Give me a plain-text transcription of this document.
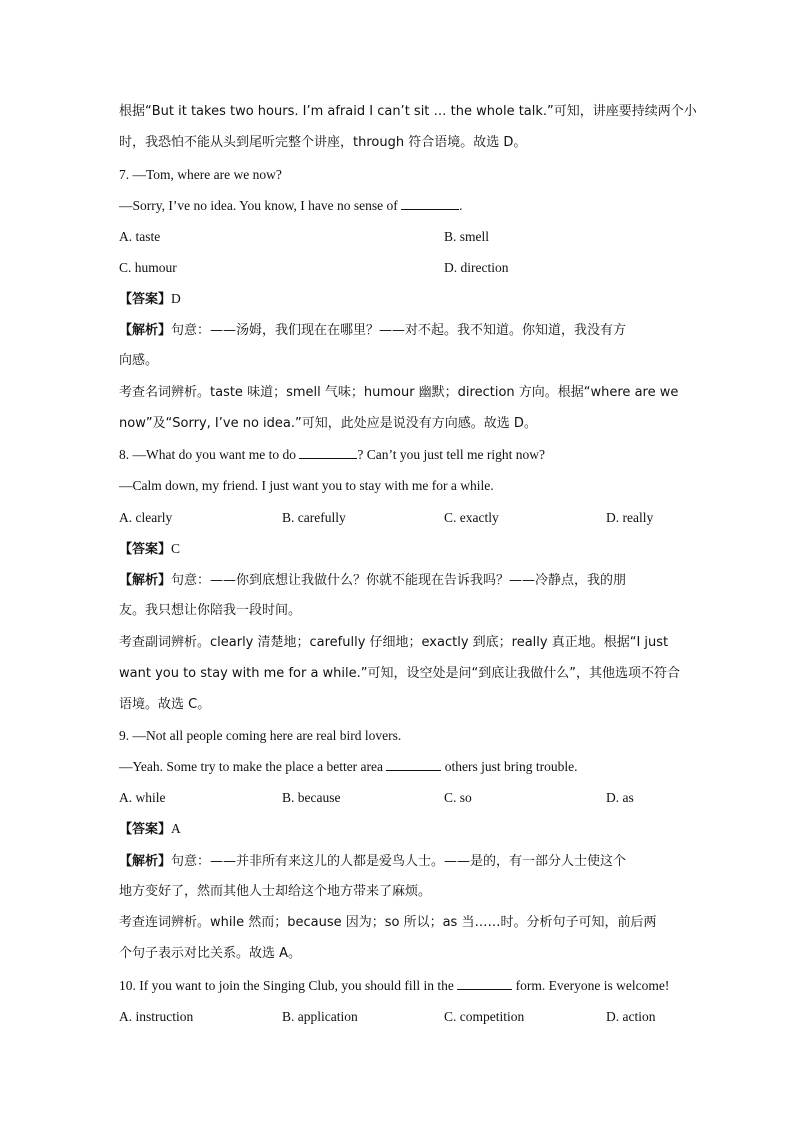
根据“But it takes two hours. I’m afraid I can’t sit … the whole talk.”可知，讲座要持续两个小
时，我恐怕不能从头到尾听完整个讲座，through 符合语境。故选 D。
7. —Tom, where are we now?
—Sorry, I’ve no idea. You know, I have no sense of	.
A. taste	B. smell
C. humour	D. direction
【答案】D
【解析】句意：——汤姆，我们现在在哪里？——对不起。我不知道。你知道，我没有方
向感。
考查名词辨析。taste 味道；smell 气味；humour 幽默；direction 方向。根据“where are we
now”及“Sorry, I’ve no idea.”可知，此处应是说没有方向感。故选 D。
8. —What do you want me to do	? Can’t you just tell me right now?
—Calm down, my friend. I just want you to stay with me for a while.
A. clearly	B. carefully	C. exactly	D. really
【答案】C
【解析】句意：——你到底想让我做什么？你就不能现在告诉我吗？——冷静点，我的朋
友。我只想让你陪我一段时间。
考查副词辨析。clearly 清楚地；carefully 仔细地；exactly 到底；really 真正地。根据“I just
want you to stay with me for a while.”可知，设空处是问“到底让我做什么”，其他选项不符合
语境。故选 C。
9. —Not all people coming here are real bird lovers.
—Yeah. Some try to make the place a better area	others just bring trouble.
A. while	B. because	C. so	D. as
【答案】A
【解析】句意：——并非所有来这儿的人都是爱鸟人士。——是的，有一部分人士使这个
地方变好了，然而其他人士却给这个地方带来了麻烦。
考查连词辨析。while 然而；because 因为；so 所以；as 当……时。分析句子可知，前后两
个句子表示对比关系。故选 A。
10. If you want to join the Singing Club, you should fill in the	form. Everyone is welcome!
A. instruction	B. application	C. competition	D. action
